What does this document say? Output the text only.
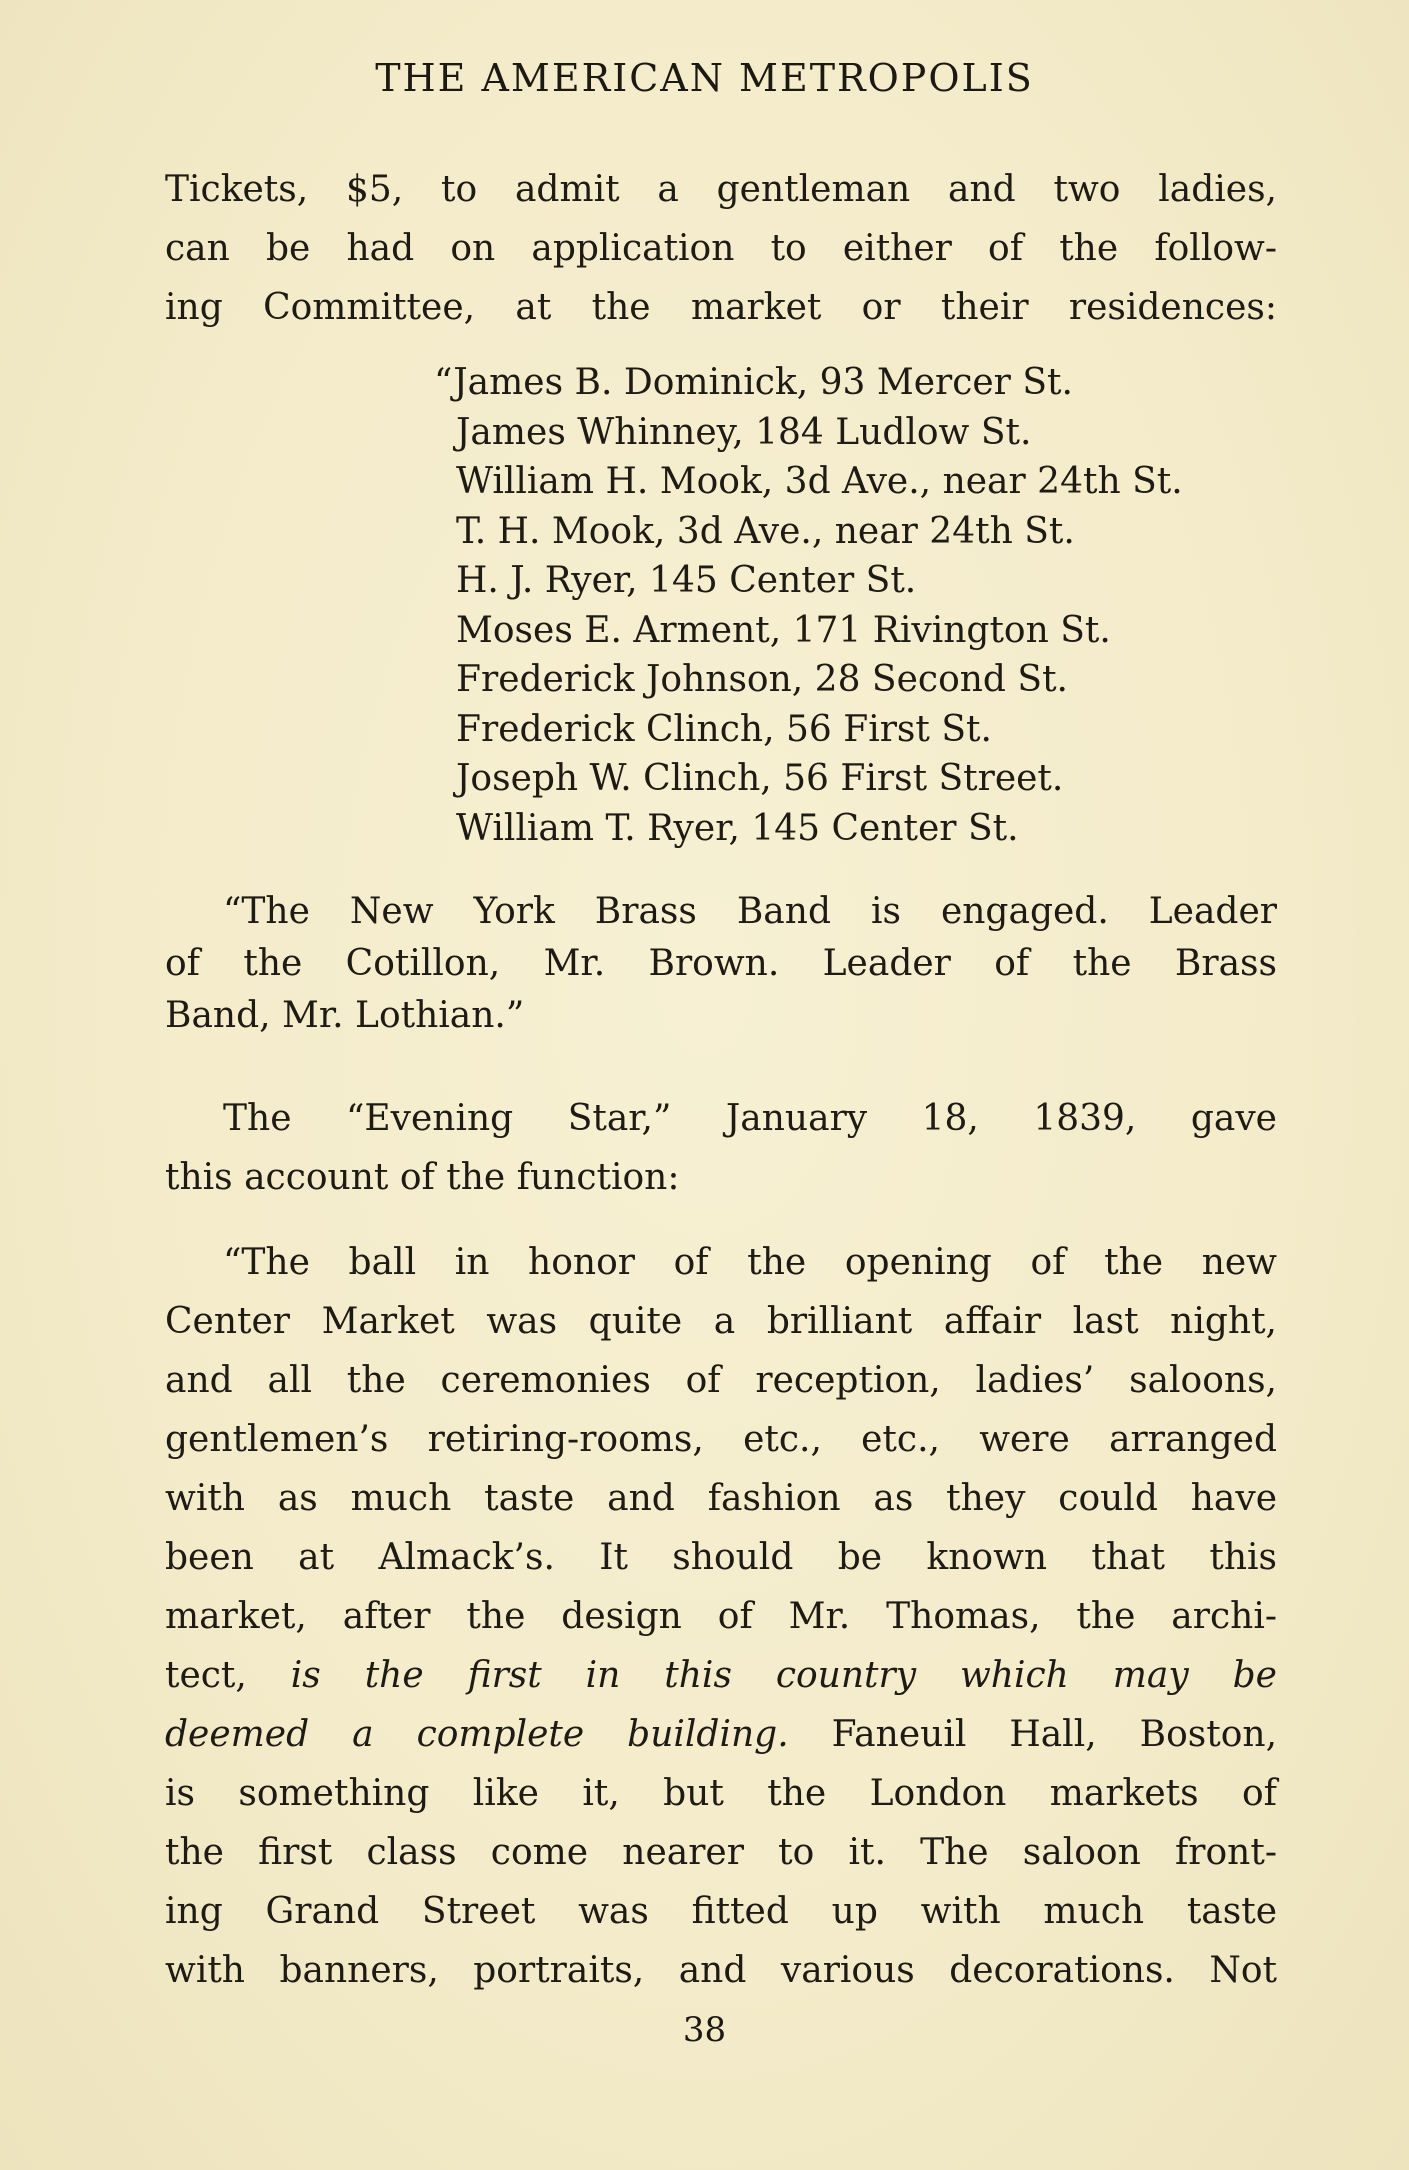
THE AMERICAN METROPOLIS
Tickets, $5, to admit a gentleman and two ladies,
can be had on application to either of the follow-
ing Committee, at the market or their residences:
“James B. Dominick, 93 Mercer St.
James Whinney, 184 Ludlow St.
William H. Mook, 3d Ave., near 24th St.
T. H. Mook, 3d Ave., near 24th St.
H. J. Ryer, 145 Center St.
Moses E. Arment, 171 Rivington St.
Frederick Johnson, 28 Second St.
Frederick Clinch, 56 First St.
Joseph W. Clinch, 56 First Street.
William T. Ryer, 145 Center St.
“The New York Brass Band is engaged. Leader
of the Cotillon, Mr. Brown. Leader of the Brass
Band, Mr. Lothian.”
The “Evening Star,” January 18, 1839, gave
this account of the function:
“The ball in honor of the opening of the new
Center Market was quite a brilliant affair last night,
and all the ceremonies of reception, ladies’ saloons,
gentlemen’s retiring-rooms, etc., etc., were arranged
with as much taste and fashion as they could have
been at Almack’s. It should be known that this
market, after the design of Mr. Thomas, the archi-
tect, is the first in this country which may be
deemed a complete building. Faneuil Hall, Boston,
is something like it, but the London markets of
the first class come nearer to it. The saloon front-
ing Grand Street was fitted up with much taste
with banners, portraits, and various decorations. Not
38
